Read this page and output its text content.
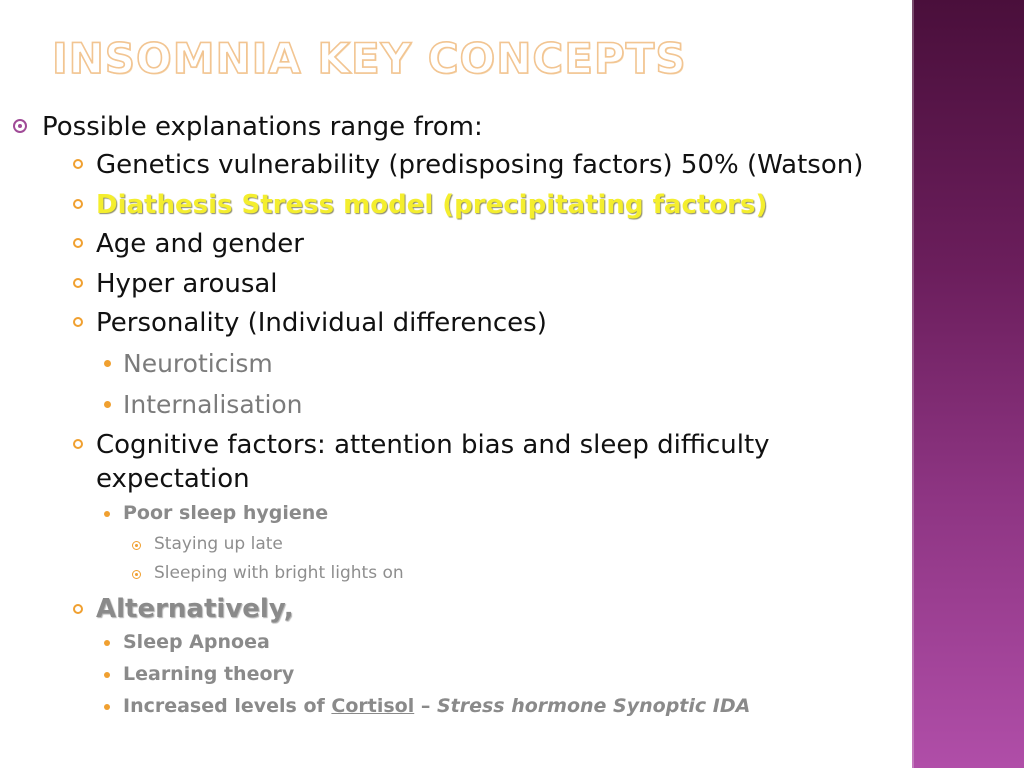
INSOMNIA KEY CONCEPTS
Possible explanations range from:
Genetics vulnerability (predisposing factors) 50% (Watson)
Diathesis Stress model (precipitating factors)
Age and gender
Hyper arousal
Personality (Individual differences)
Neuroticism
Internalisation
Cognitive factors: attention bias and sleep difficulty
expectation
Poor sleep hygiene
Staying up late
Sleeping with bright lights on
Alternatively,
Sleep Apnoea
Learning theory
Increased levels of Cortisol – Stress hormone Synoptic IDA
